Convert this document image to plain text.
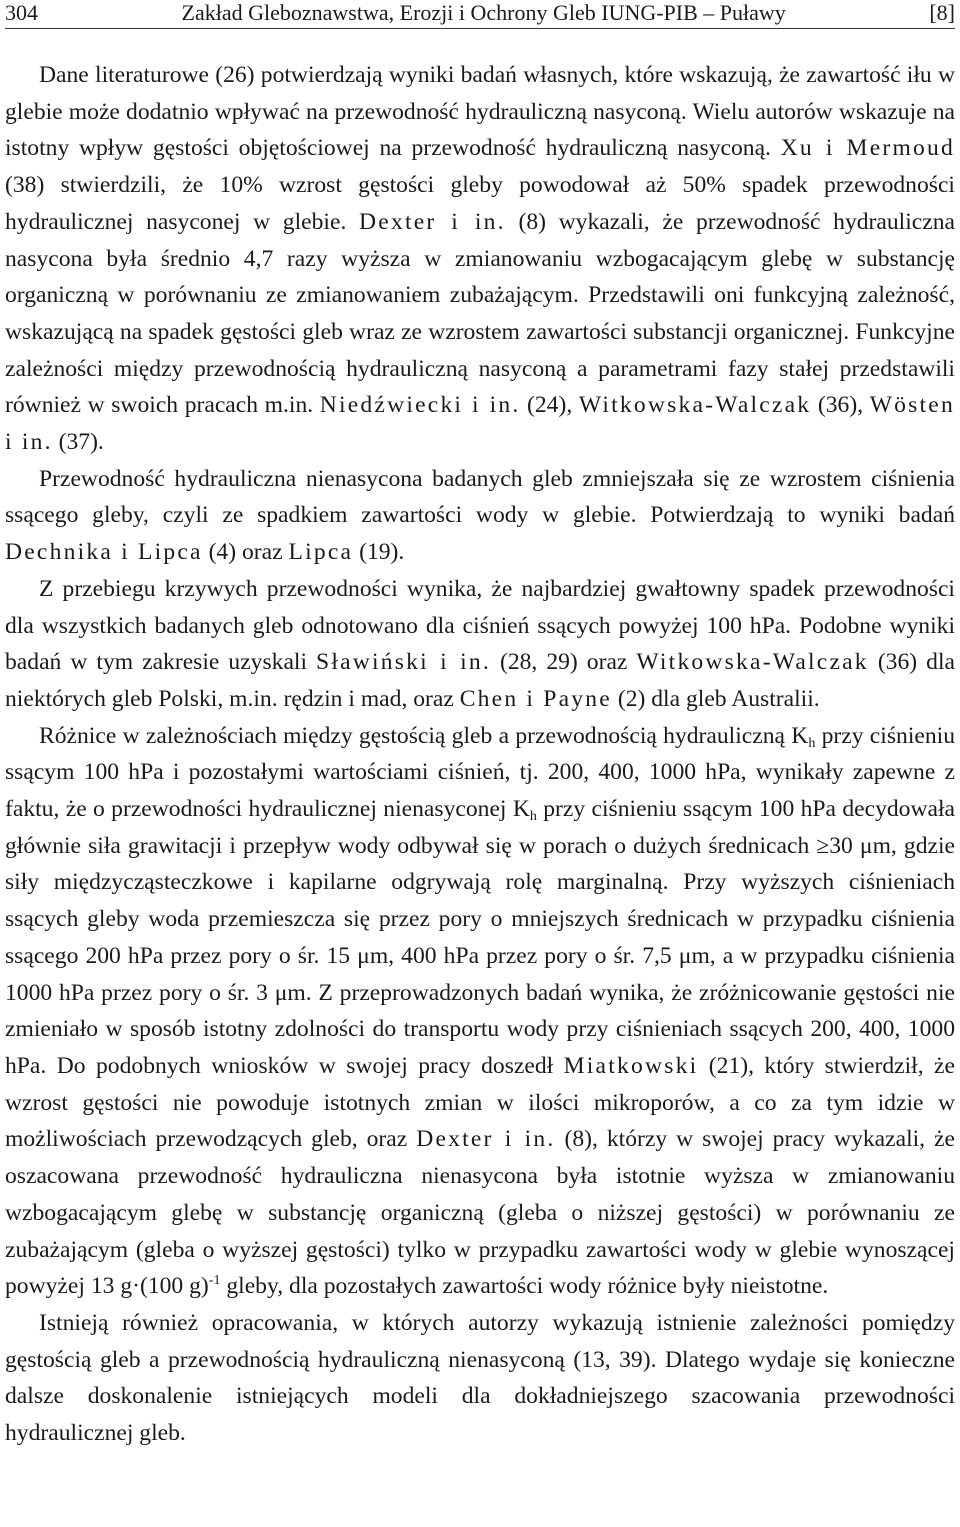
304	Zakład Gleboznawstwa, Erozji i Ochrony Gleb IUNG-PIB – Puławy	[8]

Dane literaturowe (26) potwierdzają wyniki badań własnych, które wskazują, że zawartość iłu w glebie może dodatnio wpływać na przewodność hydrauliczną nasyconą. Wielu autorów wskazuje na istotny wpływ gęstości objętościowej na przewodność hydrauliczną nasyconą. Xu i Mermoud (38) stwierdzili, że 10% wzrost gęstości gleby powodował aż 50% spadek przewodności hydraulicznej nasyconej w glebie. Dexter i in. (8) wykazali, że przewodność hydrauliczna nasycona była średnio 4,7 razy wyższa w zmianowaniu wzbogacającym glebę w substancję organiczną w porównaniu ze zmianowaniem zubażającym. Przedstawili oni funkcyjną zależność, wskazującą na spadek gęstości gleb wraz ze wzrostem zawartości substancji organicznej. Funkcyjne zależności między przewodnością hydrauliczną nasyconą a parametrami fazy stałej przedstawili również w swoich pracach m.in. Niedźwiecki i in. (24), Witkowska-Walczak (36), Wösten i in. (37).

Przewodność hydrauliczna nienasycona badanych gleb zmniejszała się ze wzrostem ciśnienia ssącego gleby, czyli ze spadkiem zawartości wody w glebie. Potwierdzają to wyniki badań Dechnika i Lipca (4) oraz Lipca (19).

Z przebiegu krzywych przewodności wynika, że najbardziej gwałtowny spadek przewodności dla wszystkich badanych gleb odnotowano dla ciśnień ssących powyżej 100 hPa. Podobne wyniki badań w tym zakresie uzyskali Sławiński i in. (28, 29) oraz Witkowska-Walczak (36) dla niektórych gleb Polski, m.in. rędzin i mad, oraz Chen i Payne (2) dla gleb Australii.

Różnice w zależnościach między gęstością gleb a przewodnością hydrauliczną $K_h$ przy ciśnieniu ssącym 100 hPa i pozostałymi wartościami ciśnień, tj. 200, 400, 1000 hPa, wynikały zapewne z faktu, że o przewodności hydraulicznej nienasyconej $K_h$ przy ciśnieniu ssącym 100 hPa decydowała głównie siła grawitacji i przepływ wody odbywał się w porach o dużych średnicach ≥30 μm, gdzie siły międzycząsteczkowe i kapilarne odgrywają rolę marginalną. Przy wyższych ciśnieniach ssących gleby woda przemieszcza się przez pory o mniejszych średnicach w przypadku ciśnienia ssącego 200 hPa przez pory o śr. 15 μm, 400 hPa przez pory o śr. 7,5 μm, a w przypadku ciśnienia 1000 hPa przez pory o śr. 3 μm. Z przeprowadzonych badań wynika, że zróżnicowanie gęstości nie zmieniało w sposób istotny zdolności do transportu wody przy ciśnieniach ssących 200, 400, 1000 hPa. Do podobnych wniosków w swojej pracy doszedł Miatkowski (21), który stwierdził, że wzrost gęstości nie powoduje istotnych zmian w ilości mikroporów, a co za tym idzie w możliwościach przewodzących gleb, oraz Dexter i in. (8), którzy w swojej pracy wykazali, że oszacowana przewodność hydrauliczna nienasycona była istotnie wyższa w zmianowaniu wzbogacającym glebę w substancję organiczną (gleba o niższej gęstości) w porównaniu ze zubażającym (gleba o wyższej gęstości) tylko w przypadku zawartości wody w glebie wynoszącej powyżej 13 g·(100 g)$^{-1}$ gleby, dla pozostałych zawartości wody różnice były nieistotne.

Istnieją również opracowania, w których autorzy wykazują istnienie zależności pomiędzy gęstością gleb a przewodnością hydrauliczną nienasyconą (13, 39). Dlatego wydaje się konieczne dalsze doskonalenie istniejących modeli dla dokładniejszego szacowania przewodności hydraulicznej gleb.
